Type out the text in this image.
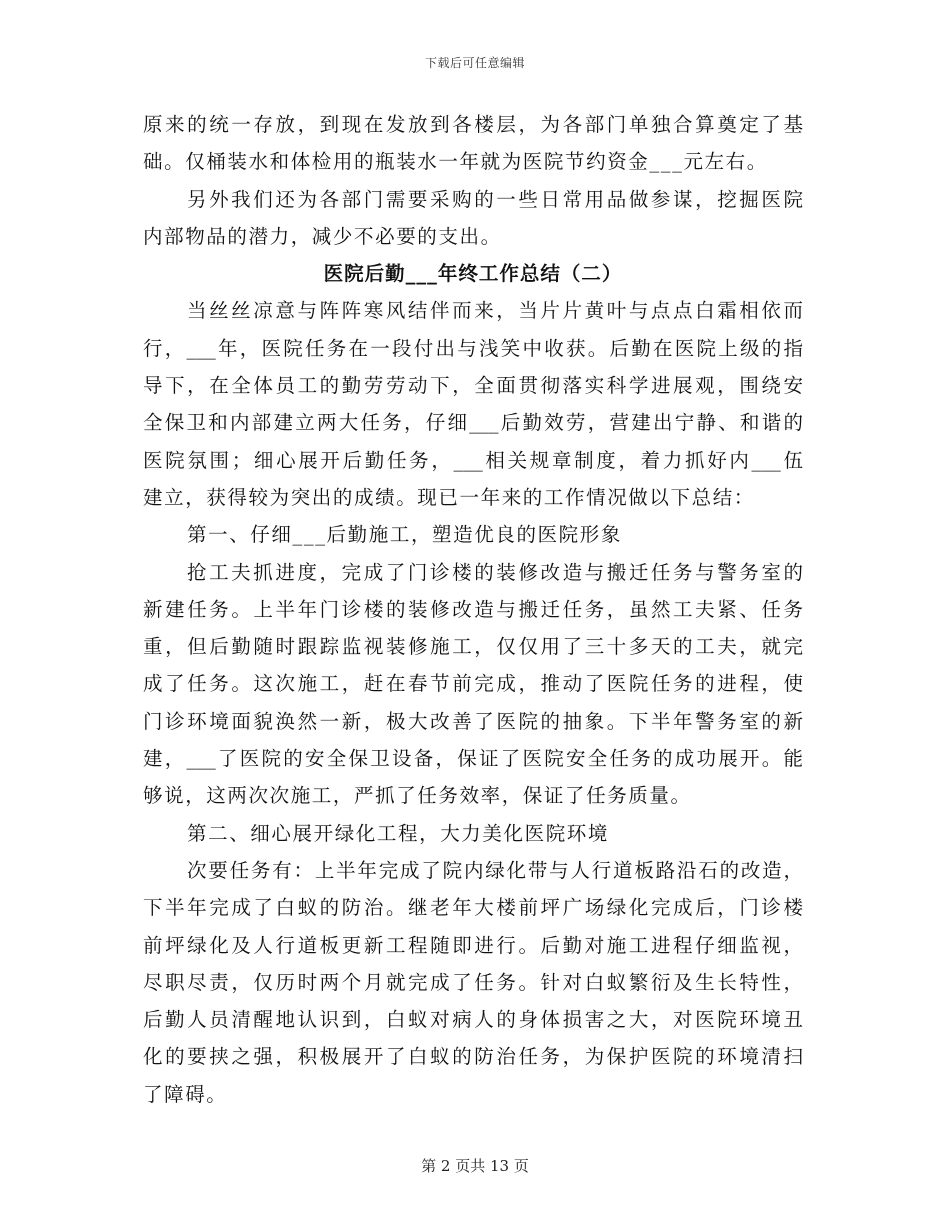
下载后可任意编辑
原来的统一存放，到现在发放到各楼层，为各部门单独合算奠定了基
础。仅桶装水和体检用的瓶装水一年就为医院节约资金___元左右。
另外我们还为各部门需要采购的一些日常用品做参谋，挖掘医院
内部物品的潜力，减少不必要的支出。
医院后勤___年终工作总结（二）
当丝丝凉意与阵阵寒风结伴而来，当片片黄叶与点点白霜相依而
行，___年，医院任务在一段付出与浅笑中收获。后勤在医院上级的指
导下，在全体员工的勤劳劳动下，全面贯彻落实科学进展观，围绕安
全保卫和内部建立两大任务，仔细___后勤效劳，营建出宁静、和谐的
医院氛围；细心展开后勤任务，___相关规章制度，着力抓好内___伍
建立，获得较为突出的成绩。现已一年来的工作情况做以下总结：
第一、仔细___后勤施工，塑造优良的医院形象
抢工夫抓进度，完成了门诊楼的装修改造与搬迁任务与警务室的
新建任务。上半年门诊楼的装修改造与搬迁任务，虽然工夫紧、任务
重，但后勤随时跟踪监视装修施工，仅仅用了三十多天的工夫，就完
成了任务。这次施工，赶在春节前完成，推动了医院任务的进程，使
门诊环境面貌涣然一新，极大改善了医院的抽象。下半年警务室的新
建，___了医院的安全保卫设备，保证了医院安全任务的成功展开。能
够说，这两次次施工，严抓了任务效率，保证了任务质量。
第二、细心展开绿化工程，大力美化医院环境
次要任务有：上半年完成了院内绿化带与人行道板路沿石的改造，
下半年完成了白蚁的防治。继老年大楼前坪广场绿化完成后，门诊楼
前坪绿化及人行道板更新工程随即进行。后勤对施工进程仔细监视，
尽职尽责，仅历时两个月就完成了任务。针对白蚁繁衍及生长特性，
后勤人员清醒地认识到，白蚁对病人的身体损害之大，对医院环境丑
化的要挟之强，积极展开了白蚁的防治任务，为保护医院的环境清扫
了障碍。
第 2 页共 13 页
